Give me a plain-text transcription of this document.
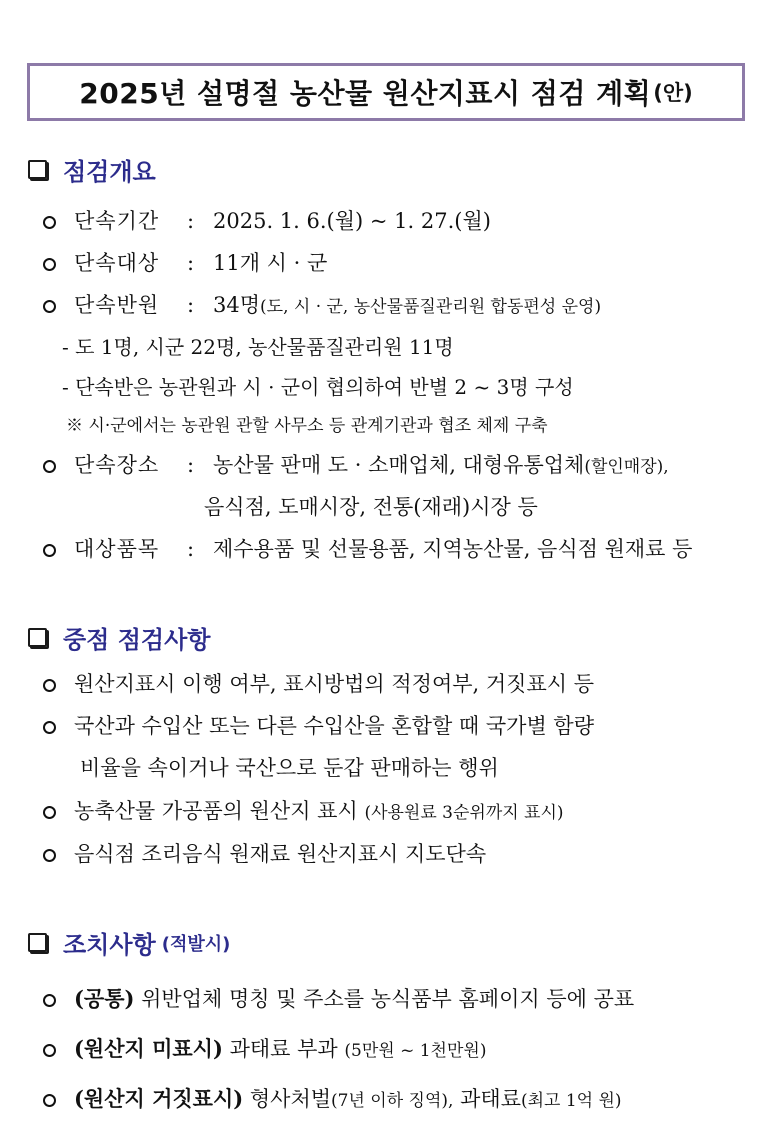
2025년 설명절 농산물 원산지표시 점검 계획 (안)
점검개요
단속기간	: 2025. 1. 6.(월) ~ 1. 27.(월)
단속대상	: 11개 시 · 군
단속반원	: 34명 (도, 시 · 군, 농산물품질관리원 합동편성 운영)
- 도 1명, 시군 22명, 농산물품질관리원 11명
- 단속반은 농관원과 시 · 군이 협의하여 반별 2 ~ 3명 구성
※ 시·군에서는 농관원 관할 사무소 등 관계기관과 협조 체제 구축
단속장소	: 농산물 판매 도 · 소매업체, 대형유통업체 (할인매장),
음식점, 도매시장, 전통(재래)시장 등
대상품목	: 제수용품 및 선물용품, 지역농산물, 음식점 원재료 등
중점 점검사항
원산지표시 이행 여부, 표시방법의 적정여부, 거짓표시 등
국산과 수입산 또는 다른 수입산을 혼합할 때 국가별 함량
비율을 속이거나 국산으로 둔갑 판매하는 행위
농축산물 가공품의 원산지 표시
(사용원료 3순위까지 표시)
음식점 조리음식 원재료 원산지표시 지도단속
조치사항 (적발시)
(공통)
위반업체 명칭 및 주소를 농식품부 홈페이지 등에 공표
(원산지 미표시)
과태료 부과
(5만원 ~ 1천만원)
(원산지 거짓표시)
형사처벌 (7년 이하 징역),
과태료 (최고 1억 원)
